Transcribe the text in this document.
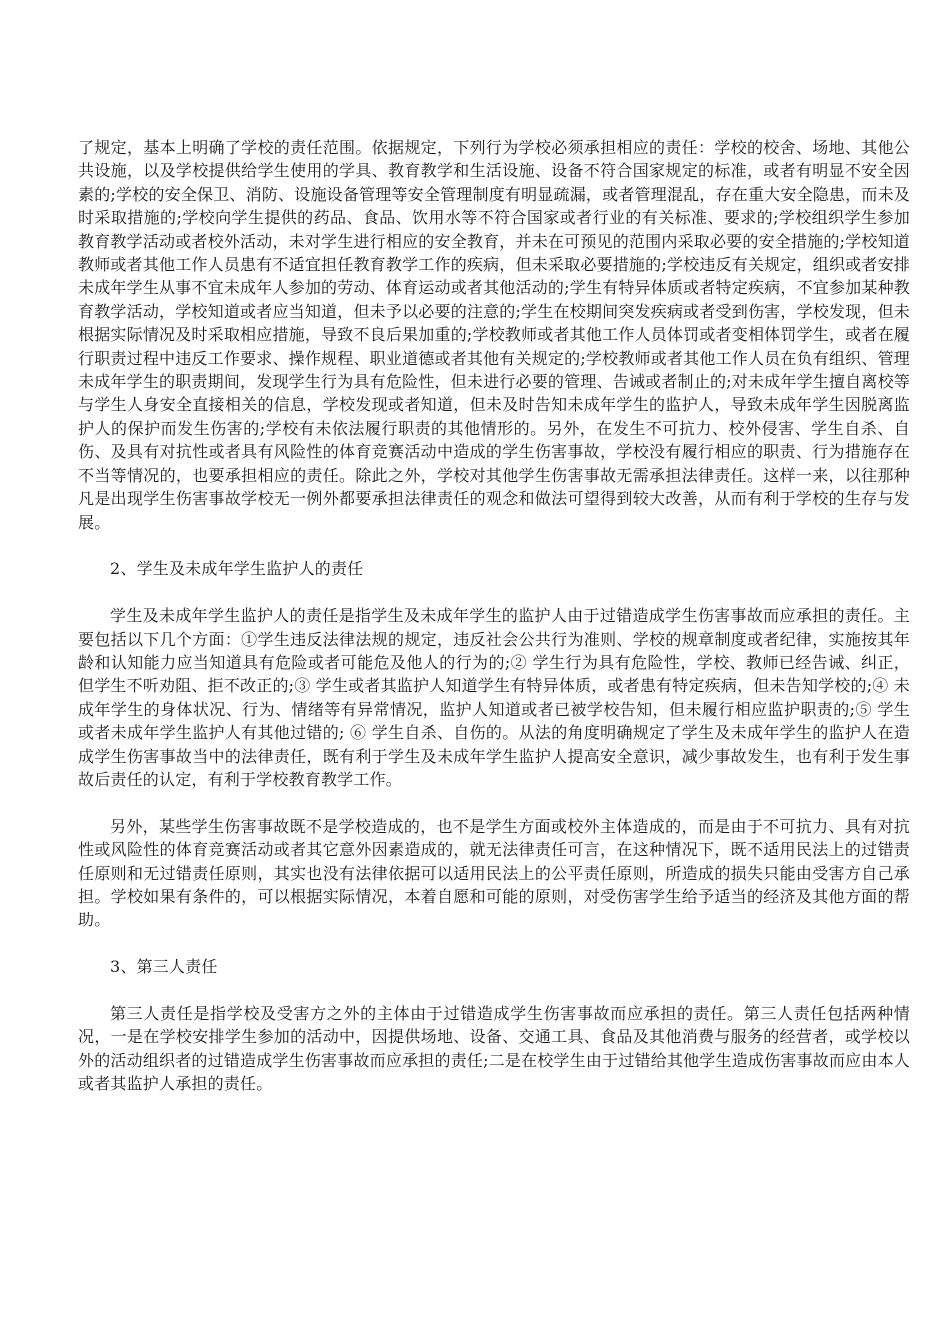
了规定，基本上明确了学校的责任范围。依据规定，下列行为学校必须承担相应的责任：学校的校舍、场地、其他公共设施，以及学校提供给学生使用的学具、教育教学和生活设施、设备不符合国家规定的标准，或者有明显不安全因素的;学校的安全保卫、消防、设施设备管理等安全管理制度有明显疏漏，或者管理混乱，存在重大安全隐患，而未及时采取措施的;学校向学生提供的药品、食品、饮用水等不符合国家或者行业的有关标准、要求的;学校组织学生参加教育教学活动或者校外活动，未对学生进行相应的安全教育，并未在可预见的范围内采取必要的安全措施的;学校知道教师或者其他工作人员患有不适宜担任教育教学工作的疾病，但未采取必要措施的;学校违反有关规定，组织或者安排未成年学生从事不宜未成年人参加的劳动、体育运动或者其他活动的;学生有特异体质或者特定疾病，不宜参加某种教育教学活动，学校知道或者应当知道，但未予以必要的注意的;学生在校期间突发疾病或者受到伤害，学校发现，但未根据实际情况及时采取相应措施，导致不良后果加重的;学校教师或者其他工作人员体罚或者变相体罚学生，或者在履行职责过程中违反工作要求、操作规程、职业道德或者其他有关规定的;学校教师或者其他工作人员在负有组织、管理未成年学生的职责期间，发现学生行为具有危险性，但未进行必要的管理、告诫或者制止的;对未成年学生擅自离校等与学生人身安全直接相关的信息，学校发现或者知道，但未及时告知未成年学生的监护人，导致未成年学生因脱离监护人的保护而发生伤害的;学校有未依法履行职责的其他情形的。另外，在发生不可抗力、校外侵害、学生自杀、自伤、及具有对抗性或者具有风险性的体育竞赛活动中造成的学生伤害事故，学校没有履行相应的职责、行为措施存在不当等情况的，也要承担相应的责任。除此之外，学校对其他学生伤害事故无需承担法律责任。这样一来，以往那种凡是出现学生伤害事故学校无一例外都要承担法律责任的观念和做法可望得到较大改善，从而有利于学校的生存与发展。

2、学生及未成年学生监护人的责任

学生及未成年学生监护人的责任是指学生及未成年学生的监护人由于过错造成学生伤害事故而应承担的责任。主要包括以下几个方面：①学生违反法律法规的规定，违反社会公共行为准则、学校的规章制度或者纪律，实施按其年龄和认知能力应当知道具有危险或者可能危及他人的行为的;② 学生行为具有危险性，学校、教师已经告诫、纠正，但学生不听劝阻、拒不改正的;③ 学生或者其监护人知道学生有特异体质，或者患有特定疾病，但未告知学校的;④ 未成年学生的身体状况、行为、情绪等有异常情况，监护人知道或者已被学校告知，但未履行相应监护职责的;⑤ 学生或者未成年学生监护人有其他过错的; ⑥ 学生自杀、自伤的。从法的角度明确规定了学生及未成年学生的监护人在造成学生伤害事故当中的法律责任，既有利于学生及未成年学生监护人提高安全意识，减少事故发生，也有利于发生事故后责任的认定，有利于学校教育教学工作。

另外，某些学生伤害事故既不是学校造成的，也不是学生方面或校外主体造成的，而是由于不可抗力、具有对抗性或风险性的体育竞赛活动或者其它意外因素造成的，就无法律责任可言，在这种情况下，既不适用民法上的过错责任原则和无过错责任原则，其实也没有法律依据可以适用民法上的公平责任原则，所造成的损失只能由受害方自己承担。学校如果有条件的，可以根据实际情况，本着自愿和可能的原则，对受伤害学生给予适当的经济及其他方面的帮助。

3、第三人责任

第三人责任是指学校及受害方之外的主体由于过错造成学生伤害事故而应承担的责任。第三人责任包括两种情况，一是在学校安排学生参加的活动中，因提供场地、设备、交通工具、食品及其他消费与服务的经营者，或学校以外的活动组织者的过错造成学生伤害事故而应承担的责任;二是在校学生由于过错给其他学生造成伤害事故而应由本人或者其监护人承担的责任。
